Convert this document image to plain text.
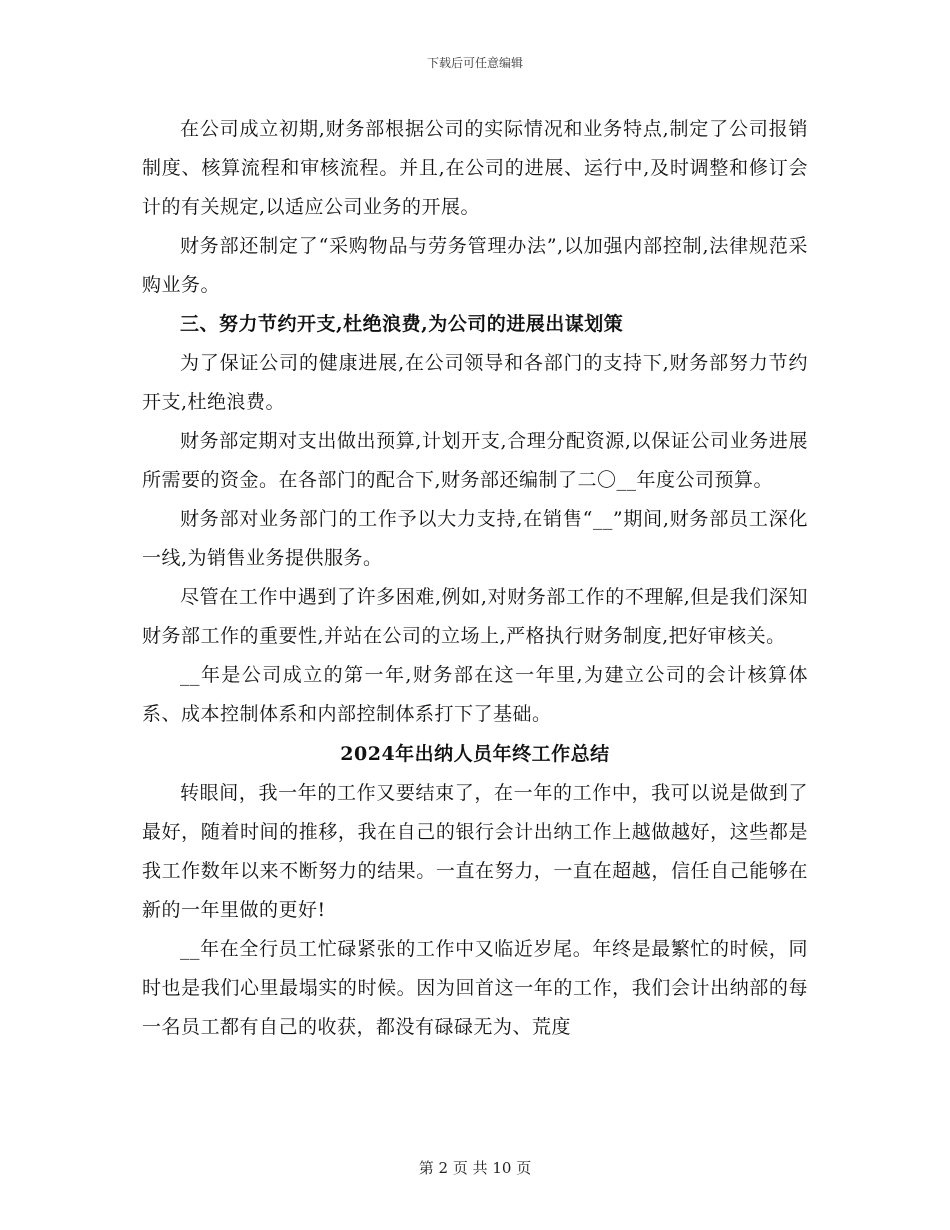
下载后可任意编辑

在公司成立初期,财务部根据公司的实际情况和业务特点,制定了公司报销制度、核算流程和审核流程。并且,在公司的进展、运行中,及时调整和修订会计的有关规定,以适应公司业务的开展。

财务部还制定了“采购物品与劳务管理办法”,以加强内部控制,法律规范采购业务。

三、努力节约开支,杜绝浪费,为公司的进展出谋划策

为了保证公司的健康进展,在公司领导和各部门的支持下,财务部努力节约开支,杜绝浪费。

财务部定期对支出做出预算,计划开支,合理分配资源,以保证公司业务进展所需要的资金。在各部门的配合下,财务部还编制了二〇__年度公司预算。

财务部对业务部门的工作予以大力支持,在销售“__”期间,财务部员工深化一线,为销售业务提供服务。

尽管在工作中遇到了许多困难,例如,对财务部工作的不理解,但是我们深知财务部工作的重要性,并站在公司的立场上,严格执行财务制度,把好审核关。

__年是公司成立的第一年,财务部在这一年里,为建立公司的会计核算体系、成本控制体系和内部控制体系打下了基础。

2024年出纳人员年终工作总结

转眼间，我一年的工作又要结束了，在一年的工作中，我可以说是做到了最好，随着时间的推移，我在自己的银行会计出纳工作上越做越好，这些都是我工作数年以来不断努力的结果。一直在努力，一直在超越，信任自己能够在新的一年里做的更好!

__年在全行员工忙碌紧张的工作中又临近岁尾。年终是最繁忙的时候，同时也是我们心里最塌实的时候。因为回首这一年的工作，我们会计出纳部的每一名员工都有自己的收获，都没有碌碌无为、荒度

第 2 页 共 10 页
